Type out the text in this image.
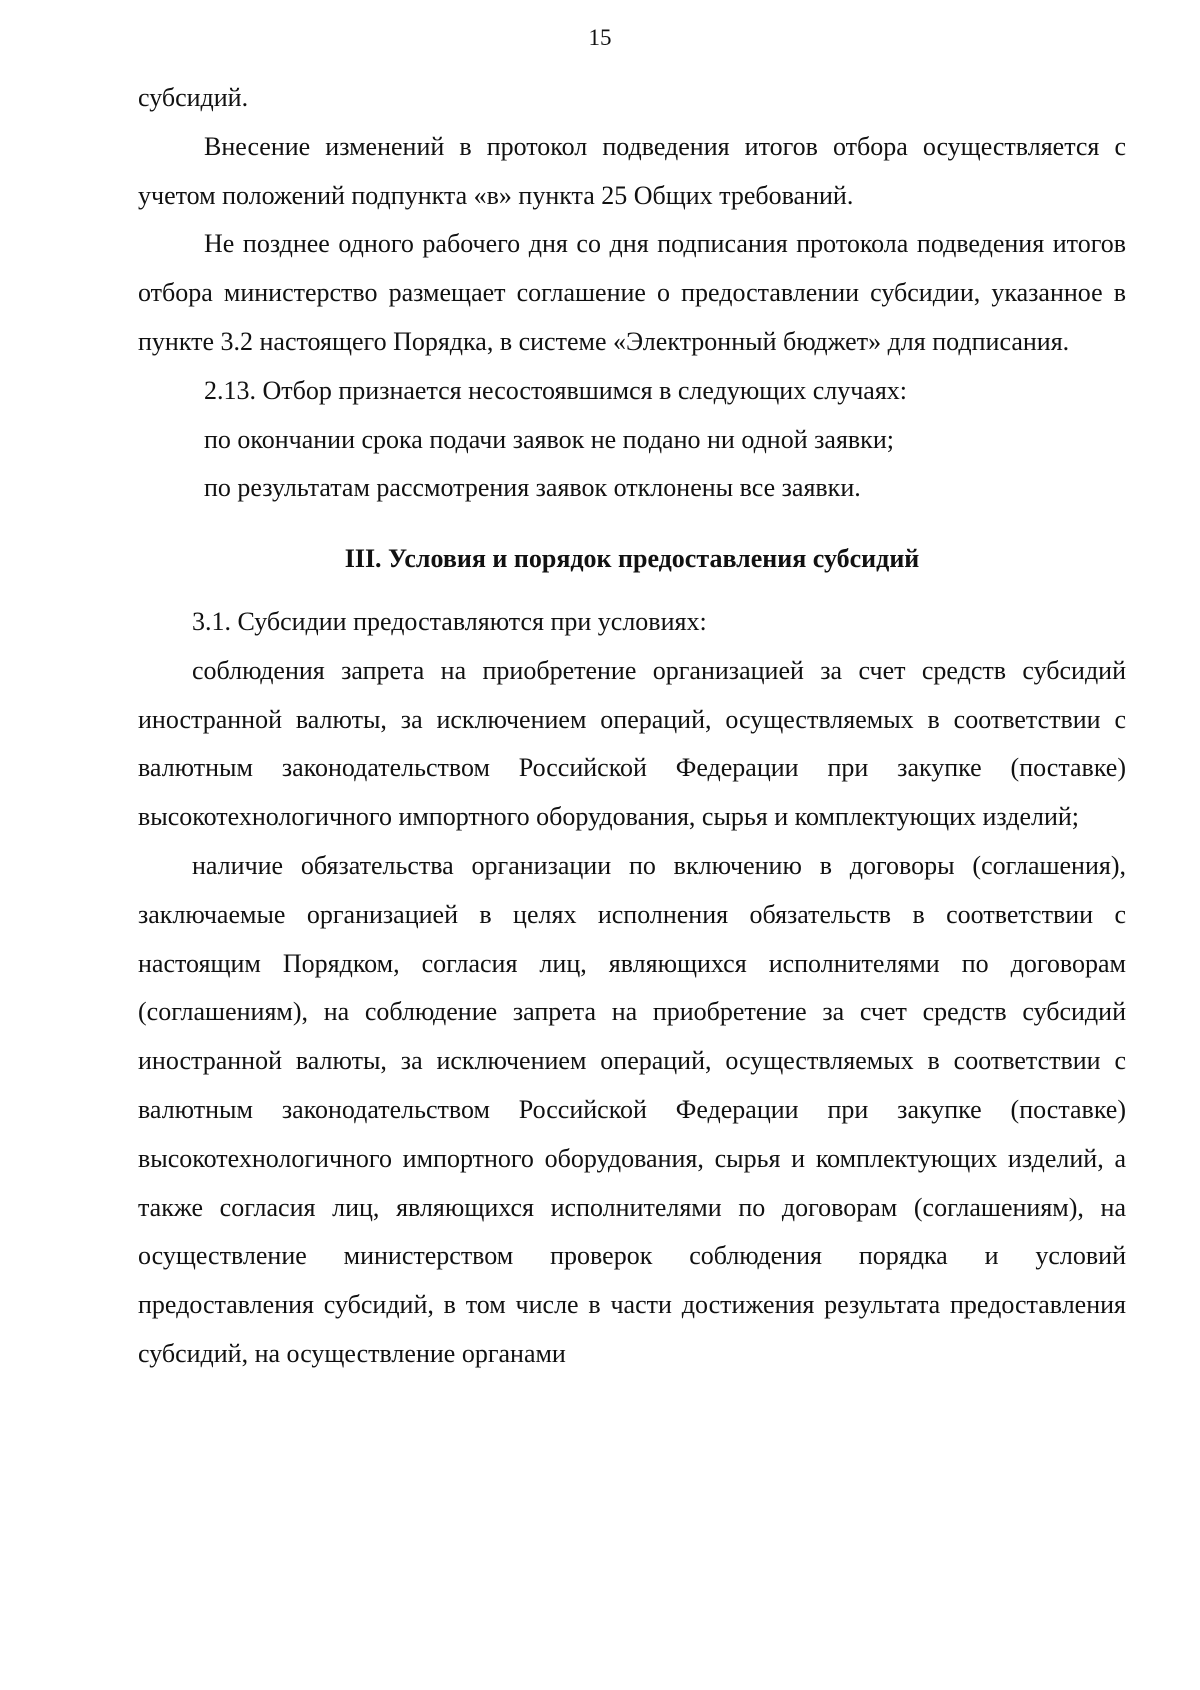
15

субсидий.

Внесение изменений в протокол подведения итогов отбора осуществляется с учетом положений подпункта «в» пункта 25 Общих требований.

Не позднее одного рабочего дня со дня подписания протокола подведения итогов отбора министерство размещает соглашение о предоставлении субсидии, указанное в пункте 3.2 настоящего Порядка, в системе «Электронный бюджет» для подписания.

2.13. Отбор признается несостоявшимся в следующих случаях:

по окончании срока подачи заявок не подано ни одной заявки;

по результатам рассмотрения заявок отклонены все заявки.

III. Условия и порядок предоставления субсидий

3.1. Субсидии предоставляются при условиях:

соблюдения запрета на приобретение организацией за счет средств субсидий иностранной валюты, за исключением операций, осуществляемых в соответствии с валютным законодательством Российской Федерации при закупке (поставке) высокотехнологичного импортного оборудования, сырья и комплектующих изделий;

наличие обязательства организации по включению в договоры (соглашения), заключаемые организацией в целях исполнения обязательств в соответствии с настоящим Порядком, согласия лиц, являющихся исполнителями по договорам (соглашениям), на соблюдение запрета на приобретение за счет средств субсидий иностранной валюты, за исключением операций, осуществляемых в соответствии с валютным законодательством Российской Федерации при закупке (поставке) высокотехнологичного импортного оборудования, сырья и комплектующих изделий, а также согласия лиц, являющихся исполнителями по договорам (соглашениям), на осуществление министерством проверок соблюдения порядка и условий предоставления субсидий, в том числе в части достижения результата предоставления субсидий, на осуществление органами
